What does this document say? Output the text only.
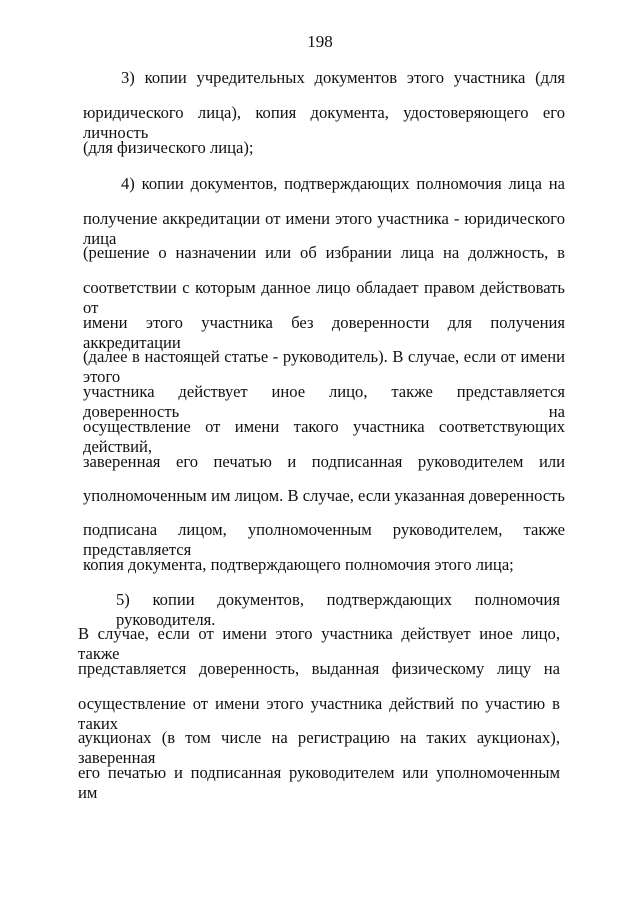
198
3) копии учредительных документов этого участника (для
юридического лица), копия документа, удостоверяющего его личность
(для физического лица);
4) копии документов, подтверждающих полномочия лица на
получение аккредитации от имени этого участника - юридического лица
(решение о назначении или об избрании лица на должность, в
соответствии с которым данное лицо обладает правом действовать от
имени этого участника без доверенности для получения аккредитации
(далее в настоящей статье - руководитель). В случае, если от имени этого
участника действует иное лицо, также представляется доверенность на
осуществление от имени такого участника соответствующих действий,
заверенная его печатью и подписанная руководителем или
уполномоченным им лицом. В случае, если указанная доверенность
подписана лицом, уполномоченным руководителем, также представляется
копия документа, подтверждающего полномочия этого лица;
5) копии документов, подтверждающих полномочия руководителя.
В случае, если от имени этого участника действует иное лицо, также
представляется доверенность, выданная физическому лицу на
осуществление от имени этого участника действий по участию в таких
аукционах (в том числе на регистрацию на таких аукционах), заверенная
его печатью и подписанная руководителем или уполномоченным им
